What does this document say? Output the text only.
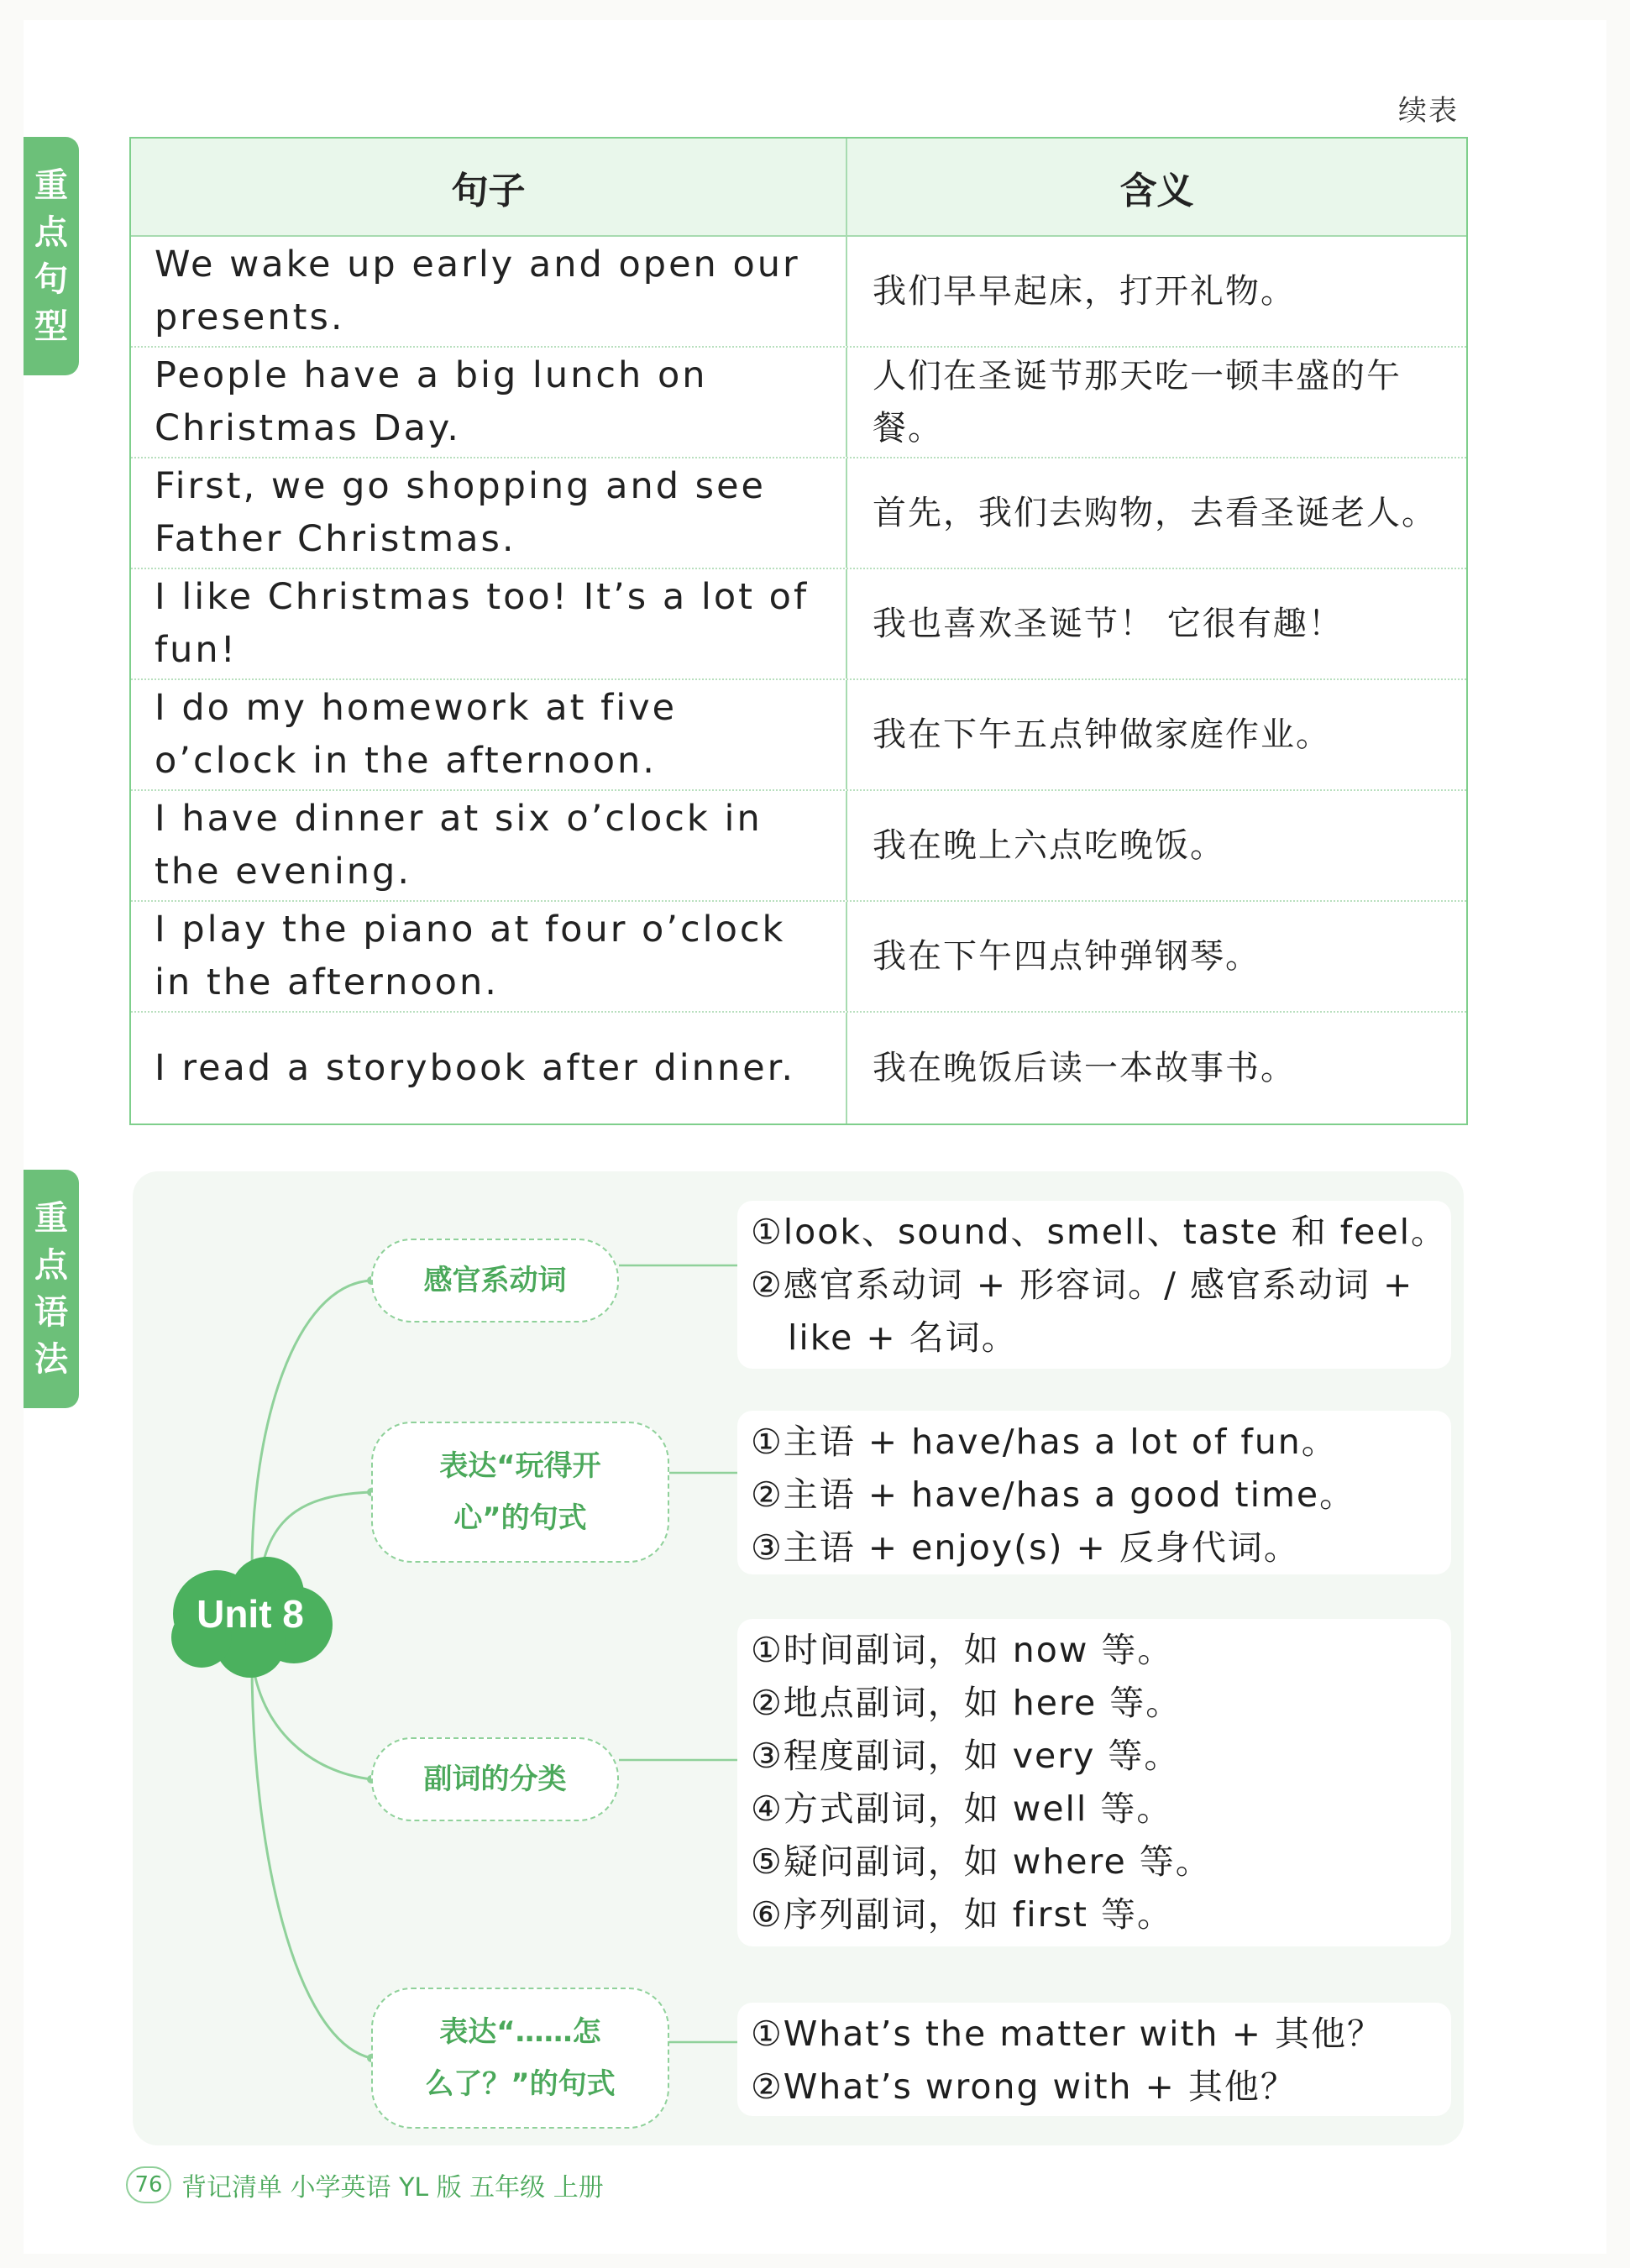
续表
重点句型
重点语法
句子	含义
We wake up early and open our presents.
我们早早起床，打开礼物。
People have a big lunch on Christmas Day.
人们在圣诞节那天吃一顿丰盛的午餐。
First, we go shopping and see Father Christmas.
首先，我们去购物，去看圣诞老人。
I like Christmas too! It’s a lot of fun!
我也喜欢圣诞节！ 它很有趣！
I do my homework at five o’clock in the afternoon.
我在下午五点钟做家庭作业。
I have dinner at six o’clock in the evening.
我在晚上六点吃晚饭。
I play the piano at four o’clock in the afternoon.
我在下午四点钟弹钢琴。
I read a storybook after dinner.	我在晚饭后读一本故事书。
Unit 8
感官系动词
表达“玩得开
心”的句式
副词的分类
表达“……怎
么了？”的句式
①look、sound、smell、taste 和 feel。
②感官系动词 + 形容词。/ 感官系动词 +
like + 名词。
①主语 + have/has a lot of fun。
②主语 + have/has a good time。
③主语 + enjoy(s) + 反身代词。
①时间副词，如 now 等。
②地点副词，如 here 等。
③程度副词，如 very 等。
④方式副词，如 well 等。
⑤疑问副词，如 where 等。
⑥序列副词，如 first 等。
①What’s the matter with + 其他？
②What’s wrong with + 其他？
76 背记清单 小学英语 YL 版 五年级 上册
